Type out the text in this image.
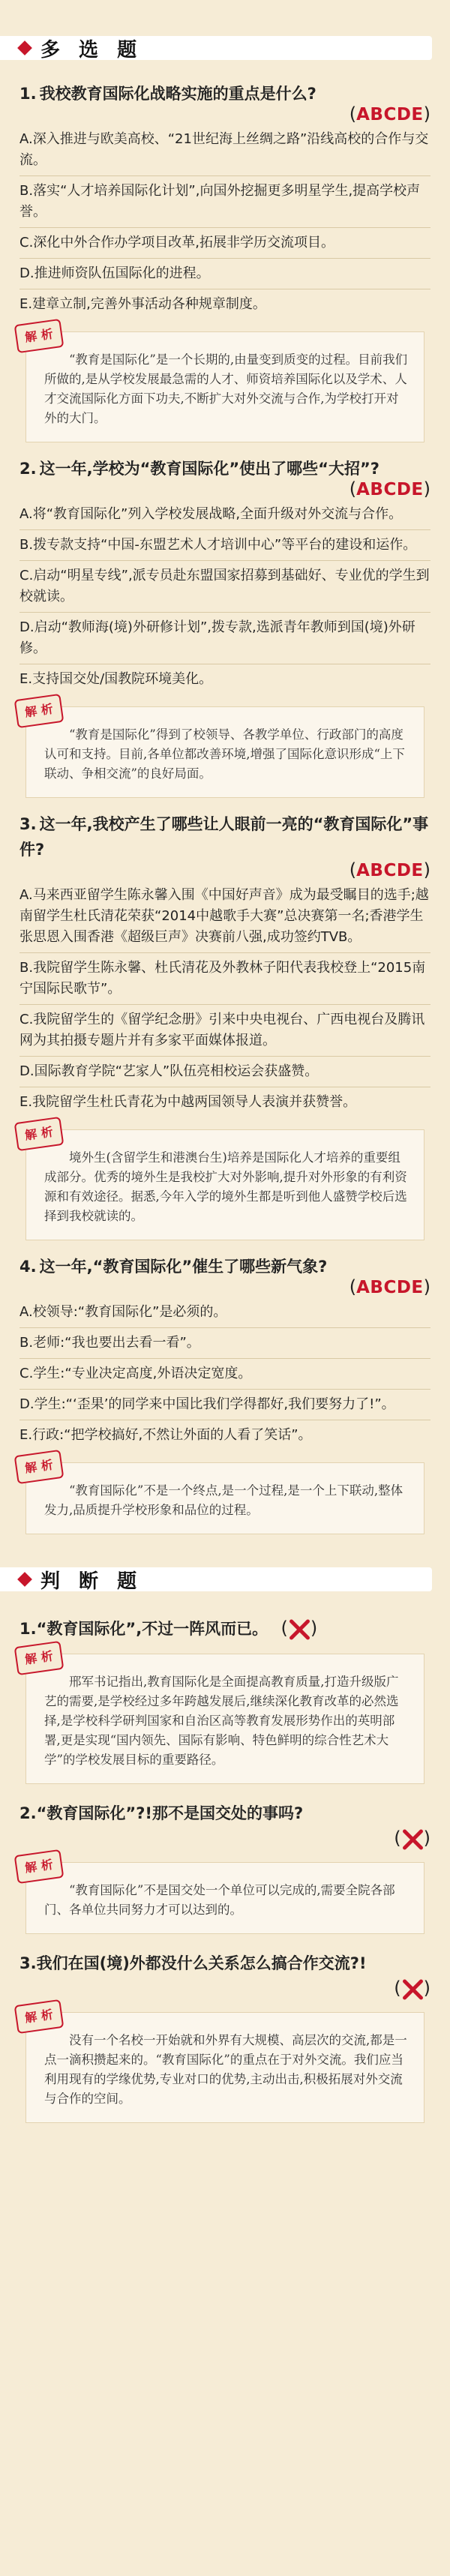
多 选 题
1. 我校教育国际化战略实施的重点是什么?
(ABCDE)
A.深入推进与欧美高校、“21世纪海上丝绸之路”沿线高校的合作与交流。
B.落实“人才培养国际化计划”,向国外挖掘更多明星学生,提高学校声誉。
C.深化中外合作办学项目改革,拓展非学历交流项目。
D.推进师资队伍国际化的进程。
E.建章立制,完善外事活动各种规章制度。
解 析
“教育是国际化”是一个长期的,由量变到质变的过程。目前我们所做的,是从学校发展最急需的人才、师资培养国际化以及学术、人才交流国际化方面下功夫,不断扩大对外交流与合作,为学校打开对外的大门。
2. 这一年,学校为“教育国际化”使出了哪些“大招”?
(ABCDE)
A.将“教育国际化”列入学校发展战略,全面升级对外交流与合作。
B.拨专款支持“中国-东盟艺术人才培训中心”等平台的建设和运作。
C.启动“明星专线”,派专员赴东盟国家招募到基础好、专业优的学生到校就读。
D.启动“教师海(境)外研修计划”,拨专款,选派青年教师到国(境)外研修。
E.支持国交处/国教院环境美化。
解 析
“教育是国际化”得到了校领导、各教学单位、行政部门的高度认可和支持。目前,各单位都改善环境,增强了国际化意识形成“上下联动、争相交流”的良好局面。
3. 这一年,我校产生了哪些让人眼前一亮的“教育国际化”事件?
(ABCDE)
A.马来西亚留学生陈永馨入围《中国好声音》成为最受瞩目的选手;越南留学生杜氏清花荣获“2014中越歌手大赛”总决赛第一名;香港学生张思恩入围香港《超级巨声》决赛前八强,成功签约TVB。
B.我院留学生陈永馨、杜氏清花及外教林子阳代表我校登上“2015南宁国际民歌节”。
C.我院留学生的《留学纪念册》引来中央电视台、广西电视台及腾讯网为其拍摄专题片并有多家平面媒体报道。
D.国际教育学院“艺家人”队伍亮相校运会获盛赞。
E.我院留学生杜氏青花为中越两国领导人表演并获赞誉。
解 析
境外生(含留学生和港澳台生)培养是国际化人才培养的重要组成部分。优秀的境外生是我校扩大对外影响,提升对外形象的有利资源和有效途径。据悉,今年入学的境外生都是听到他人盛赞学校后选择到我校就读的。
4. 这一年,“教育国际化”催生了哪些新气象?
(ABCDE)
A.校领导:“教育国际化”是必须的。
B.老师:“我也要出去看一看”。
C.学生:“专业决定高度,外语决定宽度。
D.学生:“‘歪果’的同学来中国比我们学得都好,我们要努力了!”。
E.行政:“把学校搞好,不然让外面的人看了笑话”。
解 析
“教育国际化”不是一个终点,是一个过程,是一个上下联动,整体发力,品质提升学校形象和品位的过程。
判 断 题
1.“教育国际化”,不过一阵风而已。 ( )
解 析
邢军书记指出,教育国际化是全面提高教育质量,打造升级版广艺的需要,是学校经过多年跨越发展后,继续深化教育改革的必然选择,是学校科学研判国家和自治区高等教育发展形势作出的英明部署,更是实现“国内领先、国际有影响、特色鲜明的综合性艺术大学”的学校发展目标的重要路径。
2.“教育国际化”?!那不是国交处的事吗?
( )
解 析
“教育国际化”不是国交处一个单位可以完成的,需要全院各部门、各单位共同努力才可以达到的。
3.我们在国(境)外都没什么关系怎么搞合作交流?!
( )
解 析
没有一个名校一开始就和外界有大规模、高层次的交流,都是一点一滴积攒起来的。“教育国际化”的重点在于对外交流。我们应当利用现有的学缘优势,专业对口的优势,主动出击,积极拓展对外交流与合作的空间。
